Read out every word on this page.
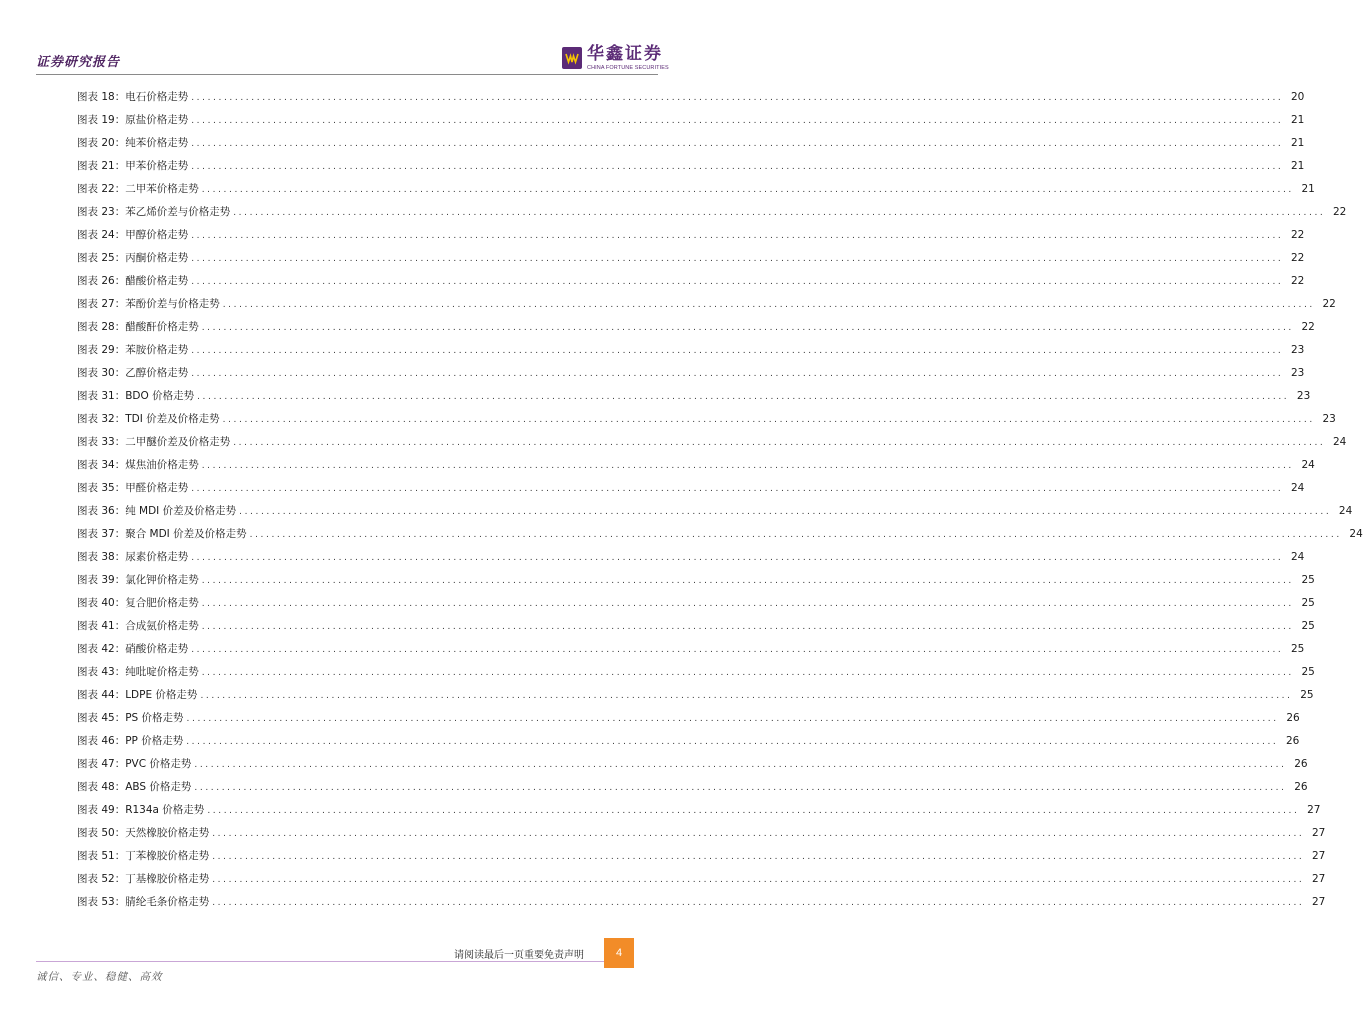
证券研究报告	华鑫证券
CHINA FORTUNE SECURITIES
图表 18：电石价格走势 ........................................................................................................................................................................................................ 20
图表 19：原盐价格走势 ........................................................................................................................................................................................................ 21
图表 20：纯苯价格走势 ........................................................................................................................................................................................................ 21
图表 21：甲苯价格走势 ........................................................................................................................................................................................................ 21
图表 22：二甲苯价格走势 ........................................................................................................................................................................................................ 21
图表 23：苯乙烯价差与价格走势 ........................................................................................................................................................................................................ 22
图表 24：甲醇价格走势 ........................................................................................................................................................................................................ 22
图表 25：丙酮价格走势 ........................................................................................................................................................................................................ 22
图表 26：醋酸价格走势 ........................................................................................................................................................................................................ 22
图表 27：苯酚价差与价格走势 ........................................................................................................................................................................................................ 22
图表 28：醋酸酐价格走势 ........................................................................................................................................................................................................ 22
图表 29：苯胺价格走势 ........................................................................................................................................................................................................ 23
图表 30：乙醇价格走势 ........................................................................................................................................................................................................ 23
图表 31：BDO 价格走势 ........................................................................................................................................................................................................ 23
图表 32：TDI 价差及价格走势 ........................................................................................................................................................................................................ 23
图表 33：二甲醚价差及价格走势 ........................................................................................................................................................................................................ 24
图表 34：煤焦油价格走势 ........................................................................................................................................................................................................ 24
图表 35：甲醛价格走势 ........................................................................................................................................................................................................ 24
图表 36：纯 MDI 价差及价格走势 ........................................................................................................................................................................................................ 24
图表 37：聚合 MDI 价差及价格走势 ........................................................................................................................................................................................................ 24
图表 38：尿素价格走势 ........................................................................................................................................................................................................ 24
图表 39：氯化钾价格走势 ........................................................................................................................................................................................................ 25
图表 40：复合肥价格走势 ........................................................................................................................................................................................................ 25
图表 41：合成氨价格走势 ........................................................................................................................................................................................................ 25
图表 42：硝酸价格走势 ........................................................................................................................................................................................................ 25
图表 43：纯吡啶价格走势 ........................................................................................................................................................................................................ 25
图表 44：LDPE 价格走势 ........................................................................................................................................................................................................ 25
图表 45：PS 价格走势 ........................................................................................................................................................................................................ 26
图表 46：PP 价格走势 ........................................................................................................................................................................................................ 26
图表 47：PVC 价格走势 ........................................................................................................................................................................................................ 26
图表 48：ABS 价格走势 ........................................................................................................................................................................................................ 26
图表 49：R134a 价格走势 ........................................................................................................................................................................................................ 27
图表 50：天然橡胶价格走势 ........................................................................................................................................................................................................ 27
图表 51：丁苯橡胶价格走势 ........................................................................................................................................................................................................ 27
图表 52：丁基橡胶价格走势 ........................................................................................................................................................................................................ 27
图表 53：腈纶毛条价格走势 ........................................................................................................................................................................................................ 27
请阅读最后一页重要免责声明	4
诚信、专业、稳健、高效
